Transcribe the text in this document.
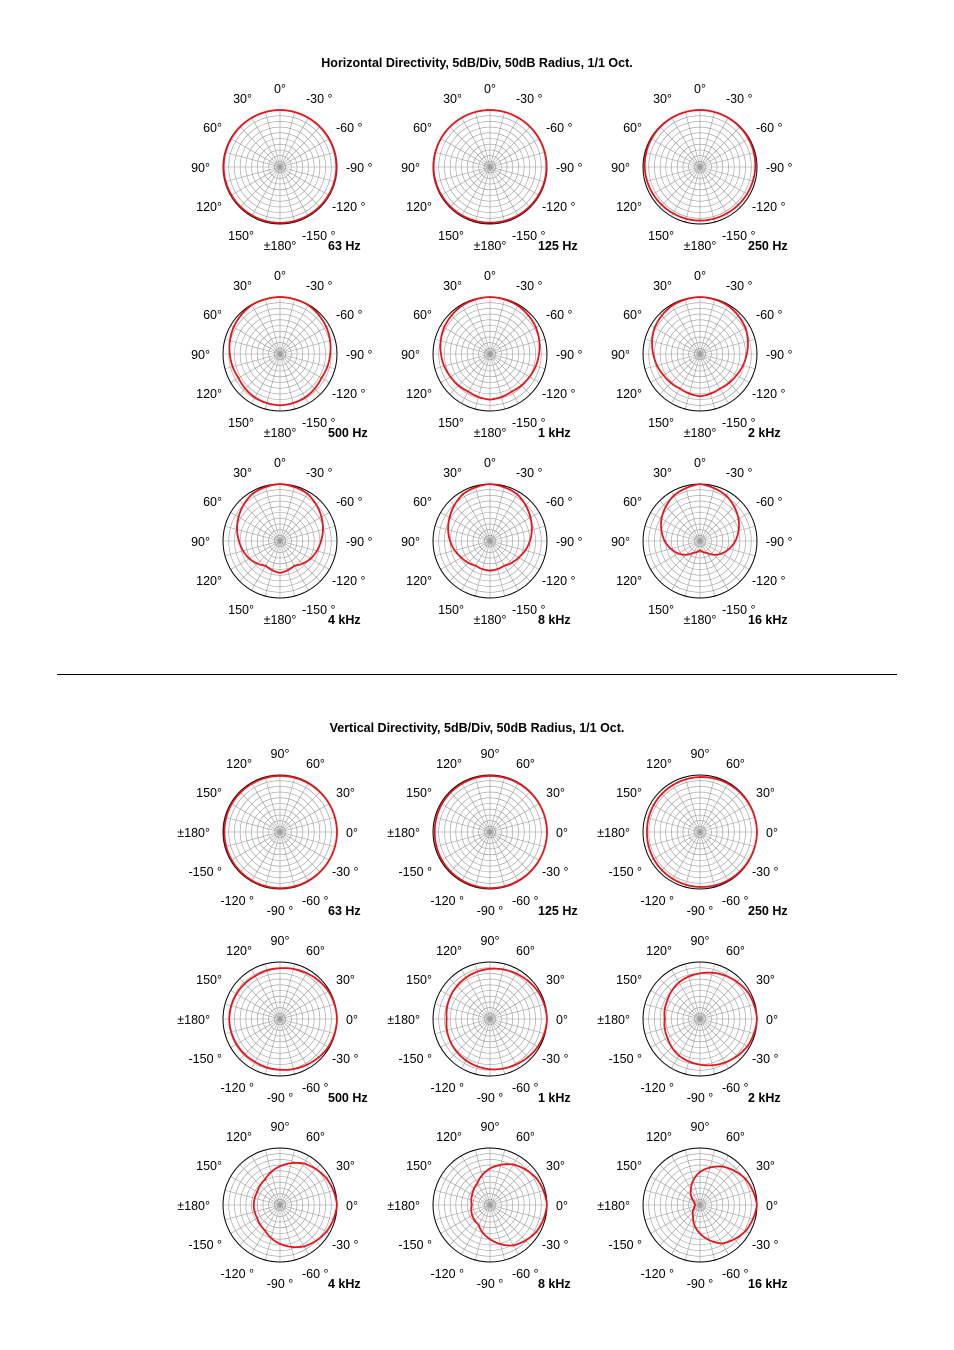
Horizontal Directivity, 5dB/Div, 50dB Radius, 1/1 Oct.
Vertical Directivity, 5dB/Div, 50dB Radius, 1/1 Oct.
0°
30°	-30 °
60°	-60 °
90°	-90 °
120°	-120 °
150°	-150 °
±180°	63 Hz
0°
30°	-30 °
60°	-60 °
90°	-90 °
120°	-120 °
150°	-150 °
±180°	125 Hz
0°
30°	-30 °
60°	-60 °
90°	-90 °
120°	-120 °
150°	-150 °
±180°	250 Hz
0°
30°	-30 °
60°	-60 °
90°	-90 °
120°	-120 °
150°	-150 °
±180°	500 Hz
0°
30°	-30 °
60°	-60 °
90°	-90 °
120°	-120 °
150°	-150 °
±180°	1 kHz
0°
30°	-30 °
60°	-60 °
90°	-90 °
120°	-120 °
150°	-150 °
±180°	2 kHz
0°
30°	-30 °
60°	-60 °
90°	-90 °
120°	-120 °
150°	-150 °
±180°	4 kHz
0°
30°	-30 °
60°	-60 °
90°	-90 °
120°	-120 °
150°	-150 °
±180°	8 kHz
0°
30°	-30 °
60°	-60 °
90°	-90 °
120°	-120 °
150°	-150 °
±180°	16 kHz
90°
120°	60°
150°	30°
±180°	0°
-150 °	-30 °
-120 °	-60 °
-90 °	63 Hz
90°
120°	60°
150°	30°
±180°	0°
-150 °	-30 °
-120 °	-60 °
-90 °	125 Hz
90°
120°	60°
150°	30°
±180°	0°
-150 °	-30 °
-120 °	-60 °
-90 °	250 Hz
90°
120°	60°
150°	30°
±180°	0°
-150 °	-30 °
-120 °	-60 °
-90 °	500 Hz
90°
120°	60°
150°	30°
±180°	0°
-150 °	-30 °
-120 °	-60 °
-90 °	1 kHz
90°
120°	60°
150°	30°
±180°	0°
-150 °	-30 °
-120 °	-60 °
-90 °	2 kHz
90°
120°	60°
150°	30°
±180°	0°
-150 °	-30 °
-120 °	-60 °
-90 °	4 kHz
90°
120°	60°
150°	30°
±180°	0°
-150 °	-30 °
-120 °	-60 °
-90 °	8 kHz
90°
120°	60°
150°	30°
±180°	0°
-150 °	-30 °
-120 °	-60 °
-90 °	16 kHz
